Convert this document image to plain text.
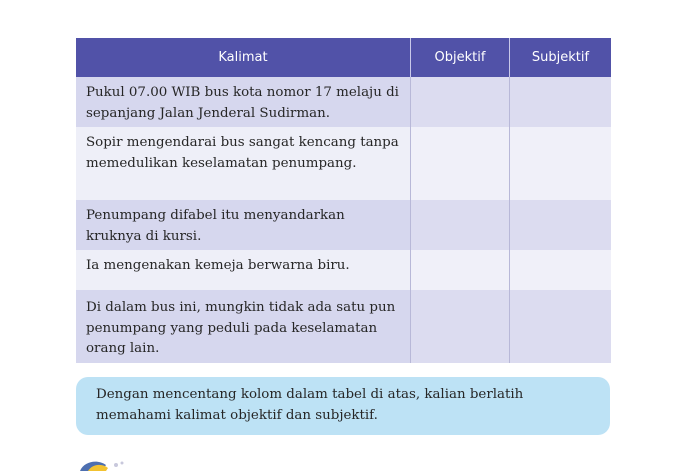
Kalimat	Objektif	Subjektif
Pukul 07.00 WIB bus kota nomor 17 melaju di sepanjang Jalan Jenderal Sudirman.
Sopir mengendarai bus sangat kencang tanpa memedulikan keselamatan penumpang.
Penumpang difabel itu menyandarkan kruknya di kursi.
Ia mengenakan kemeja berwarna biru.
Di dalam bus ini, mungkin tidak ada satu pun penumpang yang peduli pada keselamatan orang lain.
Dengan mencentang kolom dalam tabel di atas, kalian berlatih memahami kalimat objektif dan subjektif.
